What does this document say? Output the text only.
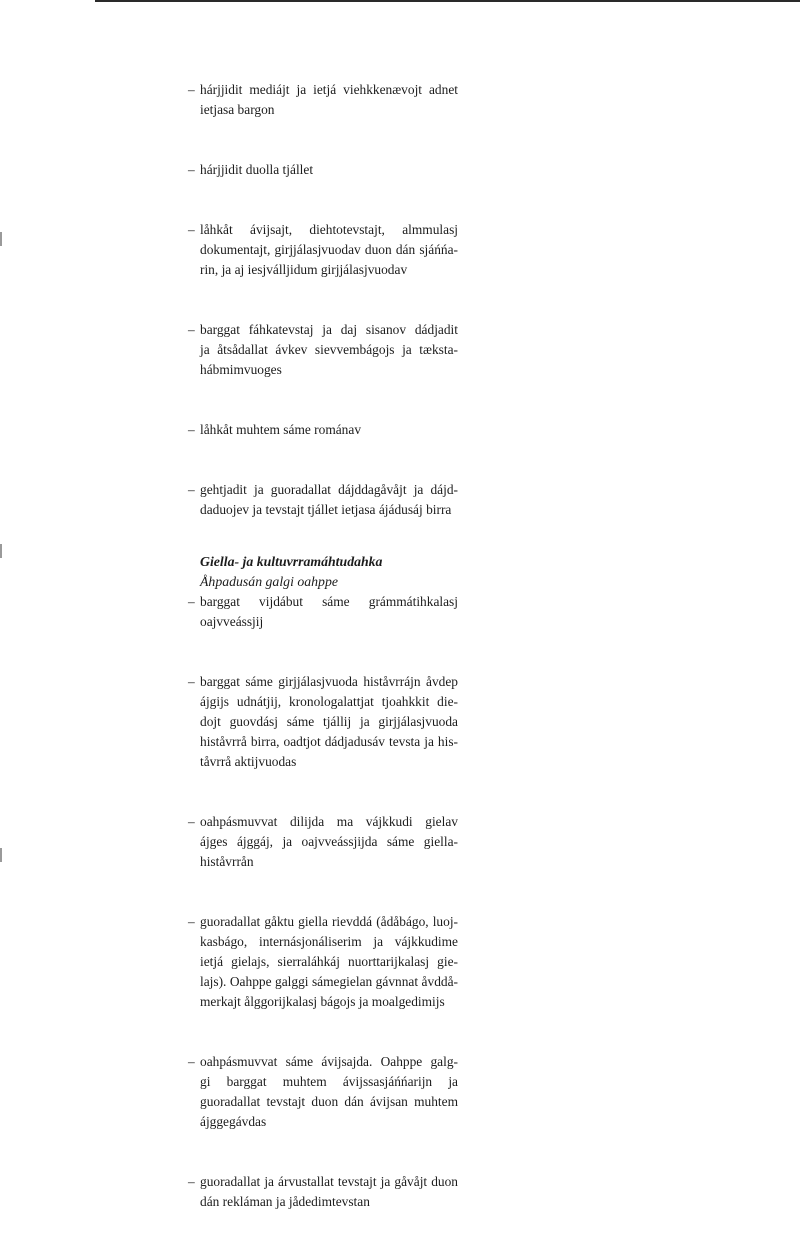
– hárjjidit mediájt ja ietjá viehkkenævojt adnet
ietjasa bargon
– hárjjidit duolla tjállet
– låhkåt ávijsajt, diehtotevstajt, almmulasj
dokumentajt, girjjálasjvuodav duon dán sjáńńa-
rin, ja aj iesjválljidum girjjálasjvuodav
– barggat fáhkatevstaj ja daj sisanov dádjadit
ja åtsådallat ávkev sievvembágojs ja tæksta-
hábmimvuoges
– låhkåt muhtem sáme románav
– gehtjadit ja guoradallat dájddagåvåjt ja dájd-
daduojev ja tevstajt tjállet ietjasa ájádusáj birra
Giella- ja kultuvrramáhtudahka
Åhpadusán galgi oahppe
– barggat vijdábut sáme grámmátihkalasj
oajvveássjij
– barggat sáme girjjálasjvuoda histåvrrájn åvdep
ájgijs udnátjij, kronologalattjat tjoahkkit die-
dojt guovdásj sáme tjállij ja girjjálasjvuoda
histåvrrå birra, oadtjot dádjadusáv tevsta ja his-
tåvrrå aktijvuodas
– oahpásmuvvat dilijda ma vájkkudi gielav
ájges ájggáj, ja oajvveássjijda sáme giella-
histåvrrån
– guoradallat gåktu giella rievddá (ådåbágo, luoj-
kasbágo, internásjonáliserim ja vájkkudime
ietjá gielajs, sierraláhkáj nuorttarijkalasj gie-
lajs). Oahppe galggi sámegielan gávnnat åvddå-
merkajt ålggorijkalasj bágojs ja moalgedimijs
– oahpásmuvvat sáme ávijsajda. Oahppe galg-
gi barggat muhtem ávijssasjáńńarijn ja
guoradallat tevstajt duon dán ávijsan muhtem
ájggegávdas
– guoradallat ja árvustallat tevstajt ja gåvåjt duon
dán rekláman ja jådedimtevstan
